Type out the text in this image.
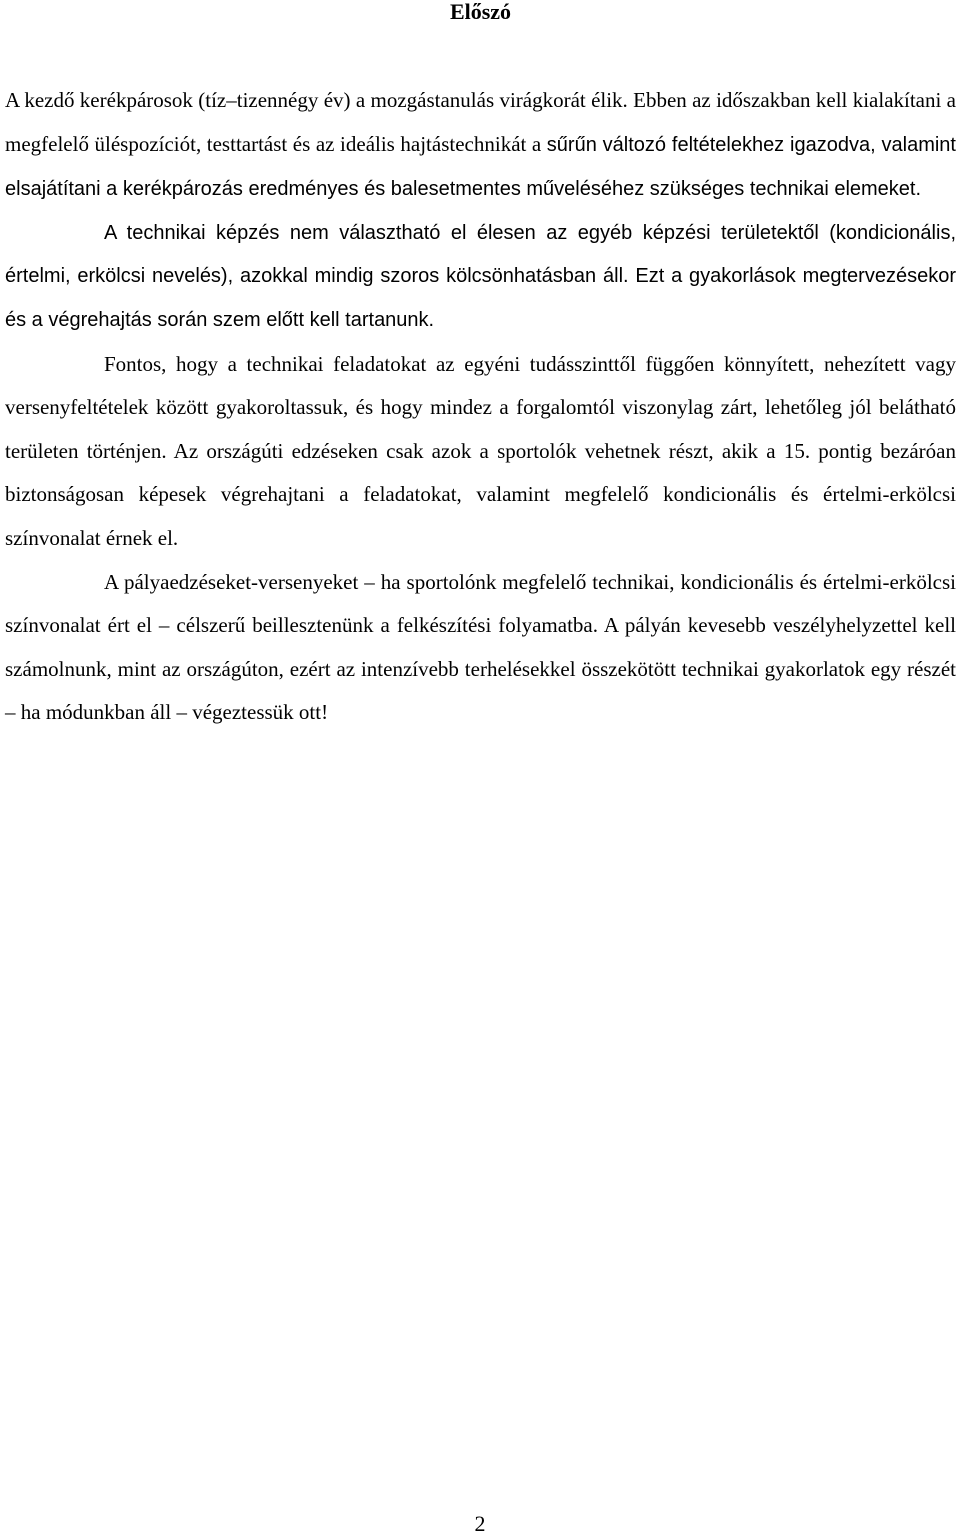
Előszó

A kezdő kerékpárosok (tíz–tizennégy év) a mozgástanulás virágkorát élik. Ebben az időszakban kell kialakítani a megfelelő üléspozíciót, testtartást és az ideális hajtástechnikát a sűrűn változó feltételekhez igazodva, valamint elsajátítani a kerékpározás eredményes és balesetmentes műveléséhez szükséges technikai elemeket.

A technikai képzés nem választható el élesen az egyéb képzési területektől (kondicionális, értelmi, erkölcsi nevelés), azokkal mindig szoros kölcsönhatásban áll. Ezt a gyakorlások megtervezésekor és a végrehajtás során szem előtt kell tartanunk.

Fontos, hogy a technikai feladatokat az egyéni tudásszinttől függően könnyített, nehezített vagy versenyfeltételek között gyakoroltassuk, és hogy mindez a forgalomtól viszonylag zárt, lehetőleg jól belátható területen történjen. Az országúti edzéseken csak azok a sportolók vehetnek részt, akik a 15. pontig bezáróan biztonságosan képesek végrehajtani a feladatokat, valamint megfelelő kondicionális és értelmi-erkölcsi színvonalat érnek el.

A pályaedzéseket-versenyeket – ha sportolónk megfelelő technikai, kondicionális és értelmi-erkölcsi színvonalat ért el – célszerű beillesztenünk a felkészítési folyamatba. A pályán kevesebb veszélyhelyzettel kell számolnunk, mint az országúton, ezért az intenzívebb terhelésekkel összekötött technikai gyakorlatok egy részét – ha módunkban áll – végeztessük ott!

2
